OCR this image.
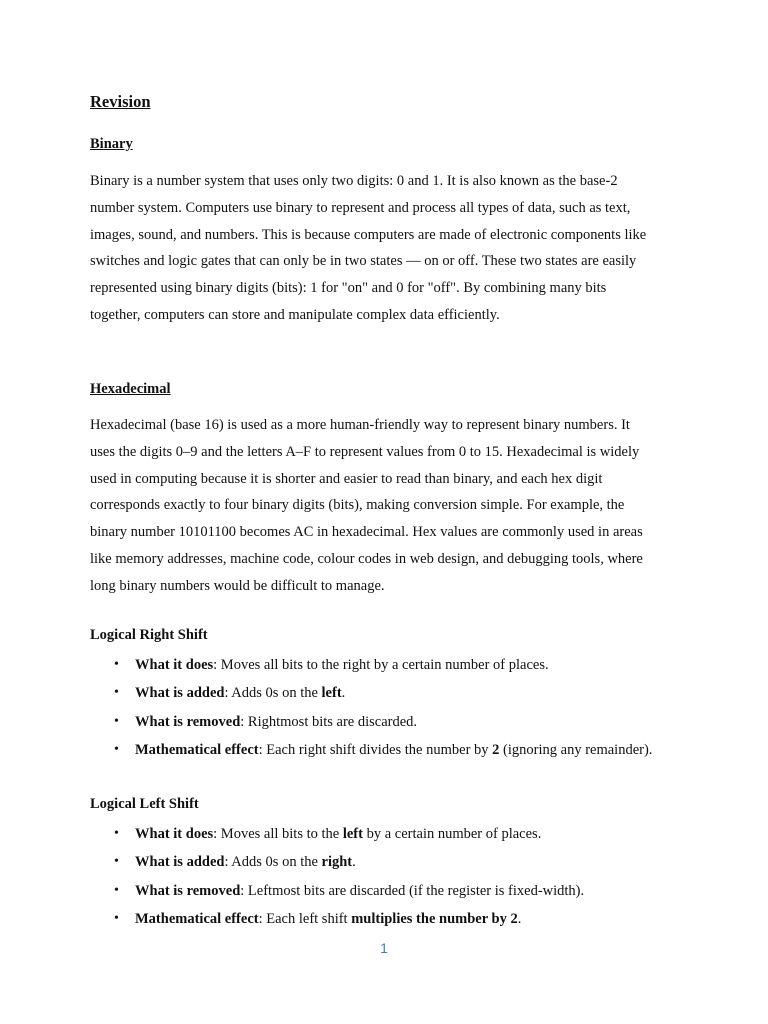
Revision
Binary

Binary is a number system that uses only two digits: 0 and 1. It is also known as the base-2
number system. Computers use binary to represent and process all types of data, such as text,
images, sound, and numbers. This is because computers are made of electronic components like
switches and logic gates that can only be in two states — on or off. These two states are easily
represented using binary digits (bits): 1 for "on" and 0 for "off". By combining many bits
together, computers can store and manipulate complex data efficiently.

Hexadecimal

Hexadecimal (base 16) is used as a more human-friendly way to represent binary numbers. It
uses the digits 0–9 and the letters A–F to represent values from 0 to 15. Hexadecimal is widely
used in computing because it is shorter and easier to read than binary, and each hex digit
corresponds exactly to four binary digits (bits), making conversion simple. For example, the
binary number 10101100 becomes AC in hexadecimal. Hex values are commonly used in areas
like memory addresses, machine code, colour codes in web design, and debugging tools, where
long binary numbers would be difficult to manage.

Logical Right Shift
• What it does: Moves all bits to the right by a certain number of places.
• What is added: Adds 0s on the left.
• What is removed: Rightmost bits are discarded.
• Mathematical effect: Each right shift divides the number by 2 (ignoring any remainder).
Logical Left Shift
• What it does: Moves all bits to the left by a certain number of places.
• What is added: Adds 0s on the right.
• What is removed: Leftmost bits are discarded (if the register is fixed-width).
• Mathematical effect: Each left shift multiplies the number by 2.
1
